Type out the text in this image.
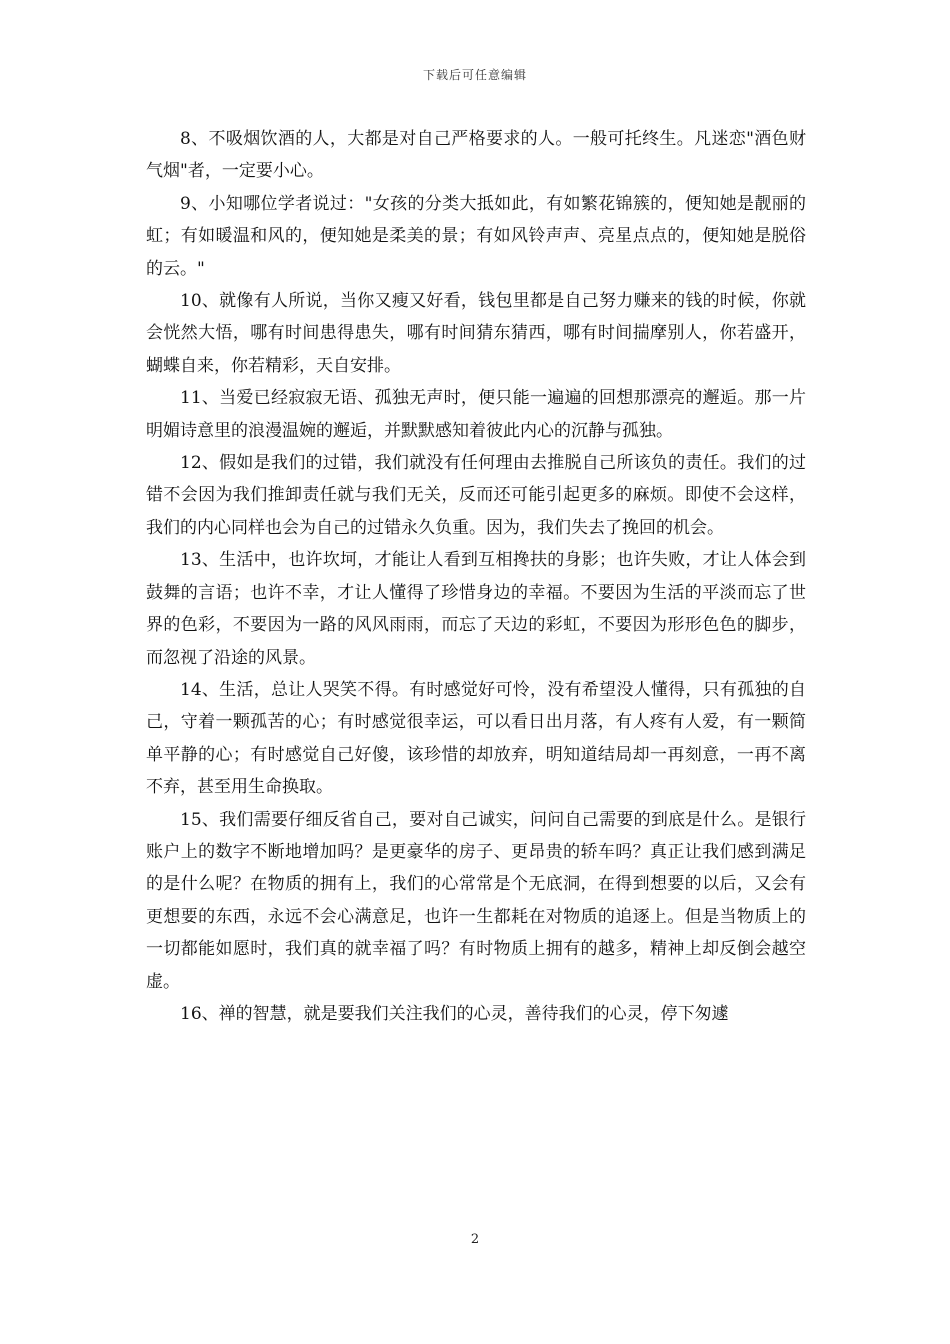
下载后可任意编辑

8、不吸烟饮酒的人，大都是对自己严格要求的人。一般可托终生。凡迷恋"酒色财气烟"者，一定要小心。

9、小知哪位学者说过："女孩的分类大抵如此，有如繁花锦簇的，便知她是靓丽的虹；有如暖温和风的，便知她是柔美的景；有如风铃声声、亮星点点的，便知她是脱俗的云。"

10、就像有人所说，当你又瘦又好看，钱包里都是自己努力赚来的钱的时候，你就会恍然大悟，哪有时间患得患失，哪有时间猜东猜西，哪有时间揣摩别人，你若盛开，蝴蝶自来，你若精彩，天自安排。

11、当爱已经寂寂无语、孤独无声时，便只能一遍遍的回想那漂亮的邂逅。那一片明媚诗意里的浪漫温婉的邂逅，并默默感知着彼此内心的沉静与孤独。

12、假如是我们的过错，我们就没有任何理由去推脱自己所该负的责任。我们的过错不会因为我们推卸责任就与我们无关，反而还可能引起更多的麻烦。即使不会这样，我们的内心同样也会为自己的过错永久负重。因为，我们失去了挽回的机会。

13、生活中，也许坎坷，才能让人看到互相搀扶的身影；也许失败，才让人体会到鼓舞的言语；也许不幸，才让人懂得了珍惜身边的幸福。不要因为生活的平淡而忘了世界的色彩，不要因为一路的风风雨雨，而忘了天边的彩虹，不要因为形形色色的脚步，而忽视了沿途的风景。

14、生活，总让人哭笑不得。有时感觉好可怜，没有希望没人懂得，只有孤独的自己，守着一颗孤苦的心；有时感觉很幸运，可以看日出月落，有人疼有人爱，有一颗简单平静的心；有时感觉自己好傻，该珍惜的却放弃，明知道结局却一再刻意，一再不离不弃，甚至用生命换取。

15、我们需要仔细反省自己，要对自己诚实，问问自己需要的到底是什么。是银行账户上的数字不断地增加吗？是更豪华的房子、更昂贵的轿车吗？真正让我们感到满足的是什么呢？在物质的拥有上，我们的心常常是个无底洞，在得到想要的以后，又会有更想要的东西，永远不会心满意足，也许一生都耗在对物质的追逐上。但是当物质上的一切都能如愿时，我们真的就幸福了吗？有时物质上拥有的越多，精神上却反倒会越空虚。

16、禅的智慧，就是要我们关注我们的心灵，善待我们的心灵，停下匆遽

2
